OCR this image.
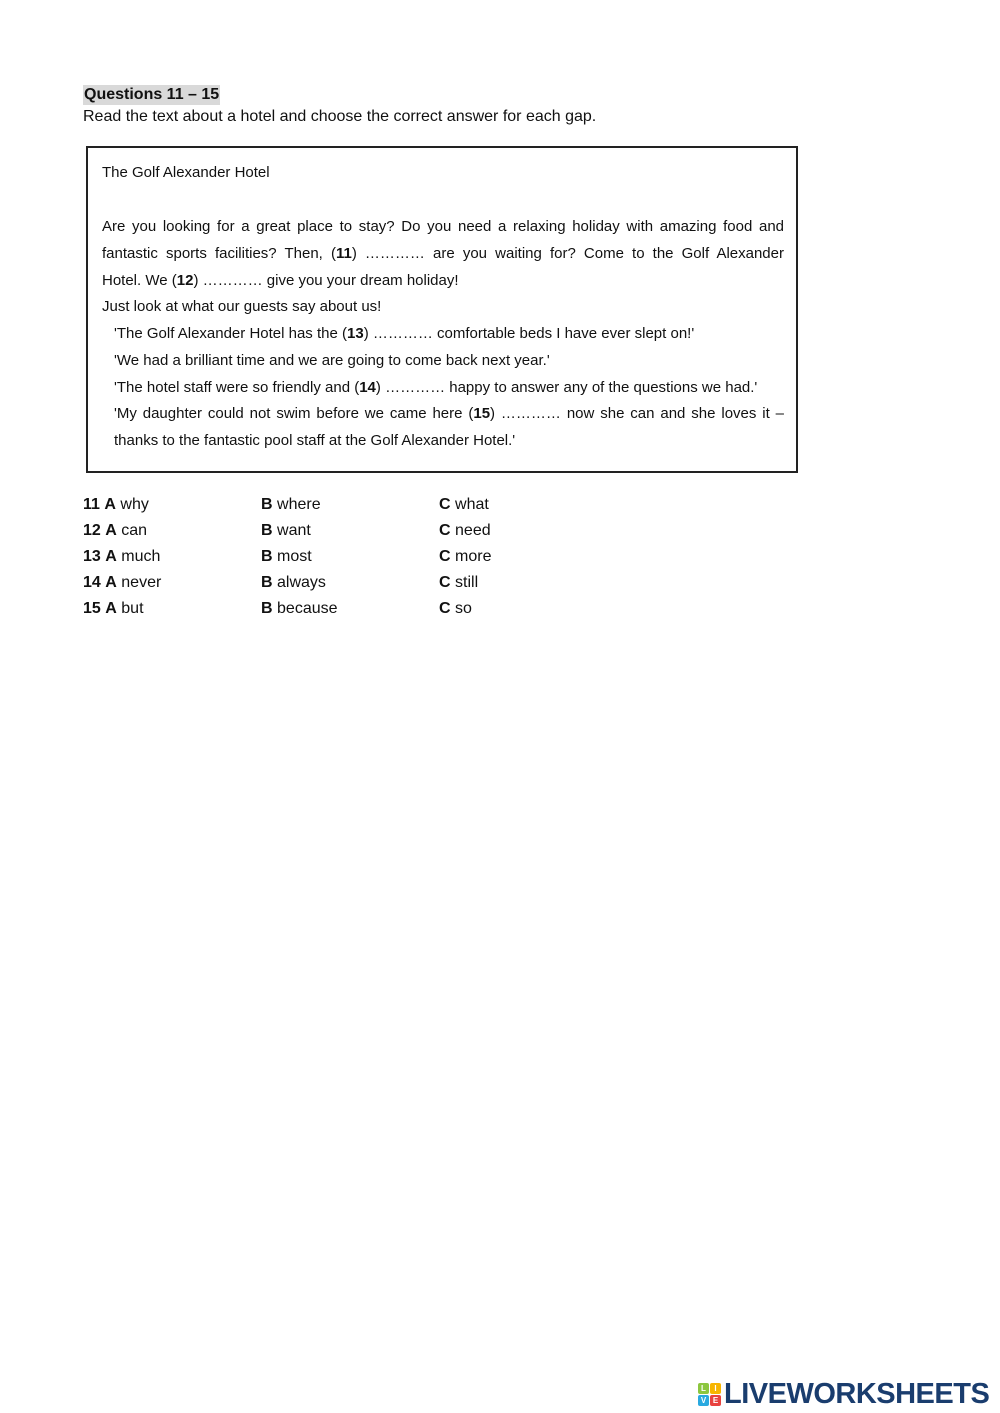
Questions 11 – 15
Read the text about a hotel and choose the correct answer for each gap.
The Golf Alexander Hotel
Are you looking for a great place to stay? Do you need a relaxing holiday with amazing food and
fantastic sports facilities? Then, (11) ………… are you waiting for? Come to the Golf Alexander
Hotel. We (12) ………… give you your dream holiday!
Just look at what our guests say about us!
'The Golf Alexander Hotel has the (13) ………… comfortable beds I have ever slept on!'
'We had a brilliant time and we are going to come back next year.'
'The hotel staff were so friendly and (14) ………… happy to answer any of the questions we had.'
'My daughter could not swim before we came here (15) ………… now she can and she loves it –
thanks to the fantastic pool staff at the Golf Alexander Hotel.'
11 A why	B where	C what
12 A can	B want	C need
13 A much	B most	C more
14 A never	B always	C still
15 A but	B because	C so
L	I
V E LIVEWORKSHEETS
